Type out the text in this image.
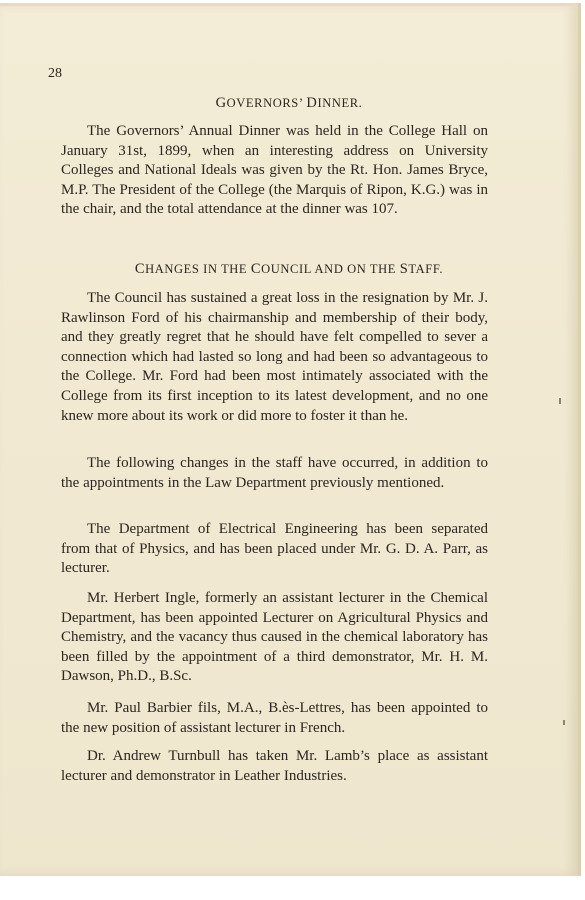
28
GOVERNORS’ DINNER.

The Governors’ Annual Dinner was held in the College Hall on January 31st, 1899, when an interesting address on University Colleges and National Ideals was given by the Rt. Hon. James Bryce, M.P. The President of the College (the Marquis of Ripon, K.G.) was in the chair, and the total attendance at the dinner was 107.

CHANGES IN THE COUNCIL AND ON THE STAFF.

The Council has sustained a great loss in the resignation by Mr. J. Rawlinson Ford of his chairmanship and membership of their body, and they greatly regret that he should have felt compelled to sever a connection which had lasted so long and had been so advantageous to the College. Mr. Ford had been most intimately associated with the College from its first inception to its latest development, and no one knew more about its work or did more to foster it than he.

The following changes in the staff have occurred, in addition to the appointments in the Law Department previously mentioned.

The Department of Electrical Engineering has been separated from that of Physics, and has been placed under Mr. G. D. A. Parr, as lecturer.

Mr. Herbert Ingle, formerly an assistant lecturer in the Chemical Department, has been appointed Lecturer on Agricultural Physics and Chemistry, and the vacancy thus caused in the chemical laboratory has been filled by the appointment of a third demonstrator, Mr. H. M. Dawson, Ph.D., B.Sc.

Mr. Paul Barbier fils, M.A., B.ès-Lettres, has been appointed to the new position of assistant lecturer in French.

Dr. Andrew Turnbull has taken Mr. Lamb’s place as assistant lecturer and demonstrator in Leather Industries.
